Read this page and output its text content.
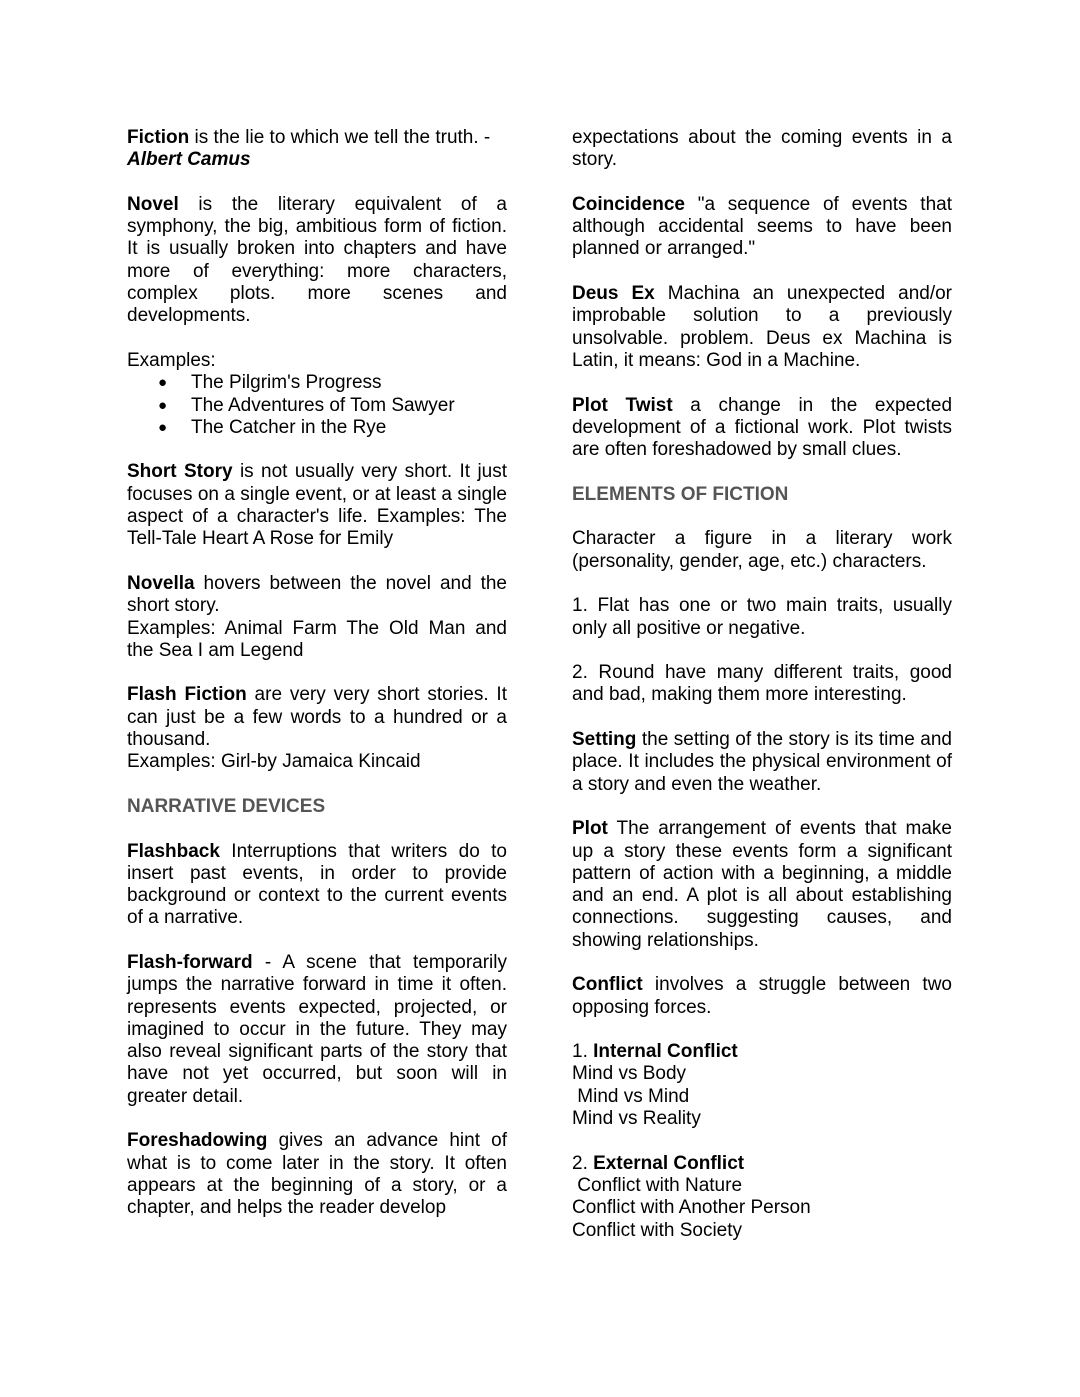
Fiction is the lie to which we tell the truth. -
Albert Camus

Novel is the literary equivalent of a symphony, the big, ambitious form of fiction. It is usually broken into chapters and have more of everything: more characters, complex plots. more scenes and developments.

Examples:
● The Pilgrim's Progress
● The Adventures of Tom Sawyer
● The Catcher in the Rye

Short Story is not usually very short. It just focuses on a single event, or at least a single aspect of a character's life. Examples: The Tell-Tale Heart A Rose for Emily

Novella hovers between the novel and the short story.
Examples: Animal Farm The Old Man and the Sea I am Legend

Flash Fiction are very very short stories. It can just be a few words to a hundred or a thousand.
Examples: Girl-by Jamaica Kincaid

NARRATIVE DEVICES

Flashback Interruptions that writers do to insert past events, in order to provide background or context to the current events of a narrative.

Flash-forward - A scene that temporarily jumps the narrative forward in time it often. represents events expected, projected, or imagined to occur in the future. They may also reveal significant parts of the story that have not yet occurred, but soon will in greater detail.

Foreshadowing gives an advance hint of what is to come later in the story. It often appears at the beginning of a story, or a chapter, and helps the reader develop

expectations about the coming events in a story.

Coincidence "a sequence of events that although accidental seems to have been planned or arranged."

Deus Ex Machina an unexpected and/or improbable solution to a previously unsolvable. problem. Deus ex Machina is Latin, it means: God in a Machine.

Plot Twist a change in the expected development of a fictional work. Plot twists are often foreshadowed by small clues.

ELEMENTS OF FICTION

Character a figure in a literary work (personality, gender, age, etc.) characters.

1. Flat has one or two main traits, usually only all positive or negative.

2. Round have many different traits, good and bad, making them more interesting.

Setting the setting of the story is its time and place. It includes the physical environment of a story and even the weather.

Plot The arrangement of events that make up a story these events form a significant pattern of action with a beginning, a middle and an end. A plot is all about establishing connections. suggesting causes, and showing relationships.

Conflict involves a struggle between two opposing forces.

1. Internal Conflict
Mind vs Body
Mind vs Mind
Mind vs Reality
2. External Conflict
Conflict with Nature
Conflict with Another Person
Conflict with Society
